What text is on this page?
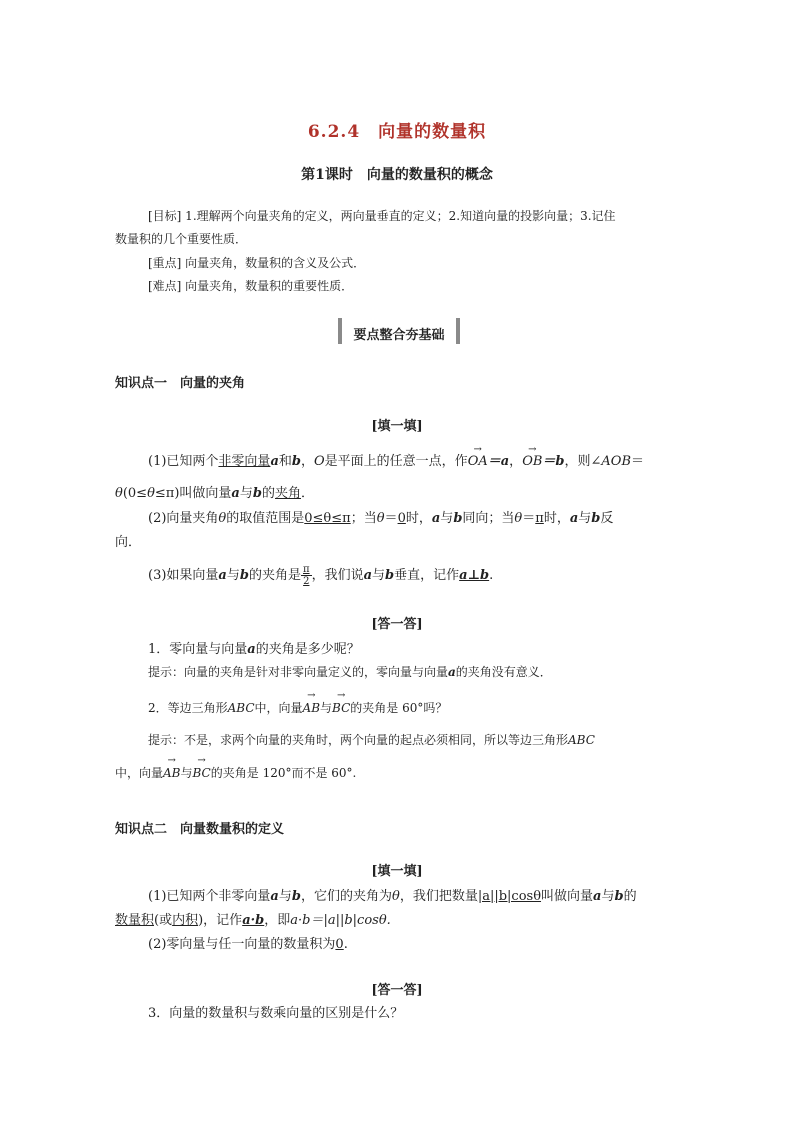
6.2.4　向量的数量积
第1课时　向量的数量积的概念
[目标] 1.理解两个向量夹角的定义，两向量垂直的定义；2.知道向量的投影向量；3.记住
数量积的几个重要性质．
[重点] 向量夹角，数量积的含义及公式．
[难点] 向量夹角，数量积的重要性质．
要点整合夯基础
知识点一　向量的夹角
[填一填]
(1)已知两个非零向量a和b，O是平面上的任意一点，作→ OA＝a，→ OB＝b，则∠AOB＝
θ(0≤θ≤π)叫做向量a与b的夹角．
(2)向量夹角θ的取值范围是0≤θ≤π；当θ＝0时，a与b同向；当θ＝π时，a与b反
向．
(3)如果向量a与b的夹角是 $\frac{\pi}{2}$，我们说a与b垂直，记作a⊥b.
[答一答]
1．零向量与向量a的夹角是多少呢？
提示：向量的夹角是针对非零向量定义的，零向量与向量a的夹角没有意义．
2．等边三角形ABC中，向量→ AB与→ BC的夹角是 60°吗？
提示：不是，求两个向量的夹角时，两个向量的起点必须相同，所以等边三角形ABC
中，向量→ AB与→ BC的夹角是 120°而不是 60°.
知识点二　向量数量积的定义
[填一填]
(1)已知两个非零向量a与b，它们的夹角为θ，我们把数量|a||b|cosθ叫做向量a与b的
数量积(或内积)，记作a·b，即a·b＝|a||b|cosθ.
(2)零向量与任一向量的数量积为0.
[答一答]
3．向量的数量积与数乘向量的区别是什么？
